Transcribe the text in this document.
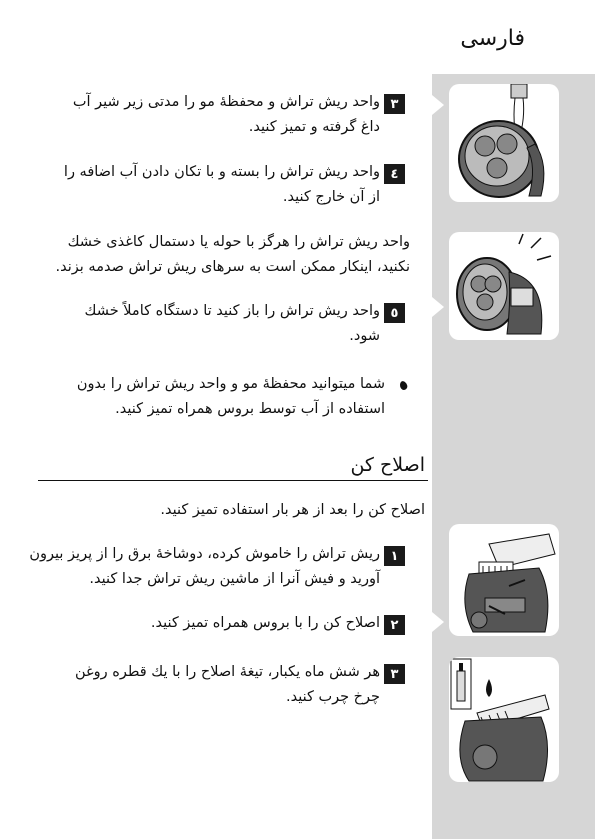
فارسی
٣

واحد ریش تراش و محفظهٔ مو را مدتی زیر شیر آب داغ گرفته و تمیز کنید.

٤

واحد ریش تراش را بسته و با تکان دادن آب اضافه را از آن خارج کنید.

واحد ریش تراش را هرگز با حوله یا دستمال کاغذی خشك نکنید، اینکار ممکن است به سرهای ریش تراش صدمه بزند.

٥

واحد ریش تراش را باز کنید تا دستگاه کاملاً خشك شود.

شما میتوانید محفظهٔ مو و واحد ریش تراش را بدون استفاده از آب توسط بروس همراه تمیز کنید.

اصلاح کن

اصلاح کن را بعد از هر بار استفاده تمیز کنید.

١

ریش تراش را خاموش کرده، دوشاخهٔ برق را از پریز بیرون آورید و فیش آنرا از ماشین ریش تراش جدا کنید.

٢

اصلاح کن را با بروس همراه تمیز کنید.

٣

هر شش ماه یکبار، تیغهٔ اصلاح را با یك قطره روغن چرخ چرب کنید.
